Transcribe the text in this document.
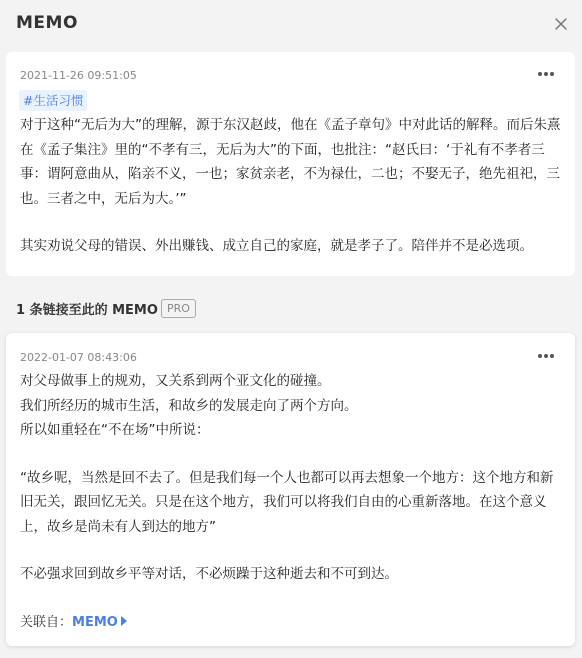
MEMO
2021-11-26 09:51:05
#生活习惯

对于这种“无后为大”的理解，源于东汉赵歧，他在《孟子章句》中对此话的解释。而后朱熹在《孟子集注》里的“不孝有三，无后为大”的下面，也批注：“赵氏曰：‘于礼有不孝者三事：谓阿意曲从，陷亲不义，一也；家贫亲老，不为禄仕，二也；不娶无子，绝先祖祀，三也。三者之中，无后为大。’”

其实劝说父母的错误、外出赚钱、成立自己的家庭，就是孝子了。陪伴并不是必选项。

1 条链接至此的 MEMO PRO
2022-01-07 08:43:06

对父母做事上的规劝，又关系到两个亚文化的碰撞。

我们所经历的城市生活，和故乡的发展走向了两个方向。

所以如重轻在“不在场”中所说：

“故乡呢，当然是回不去了。但是我们每一个人也都可以再去想象一个地方：这个地方和新旧无关，跟回忆无关。只是在这个地方，我们可以将我们自由的心重新落地。在这个意义上，故乡是尚未有人到达的地方”

不必强求回到故乡平等对话，不必烦躁于这种逝去和不可到达。

关联自：MEMO
